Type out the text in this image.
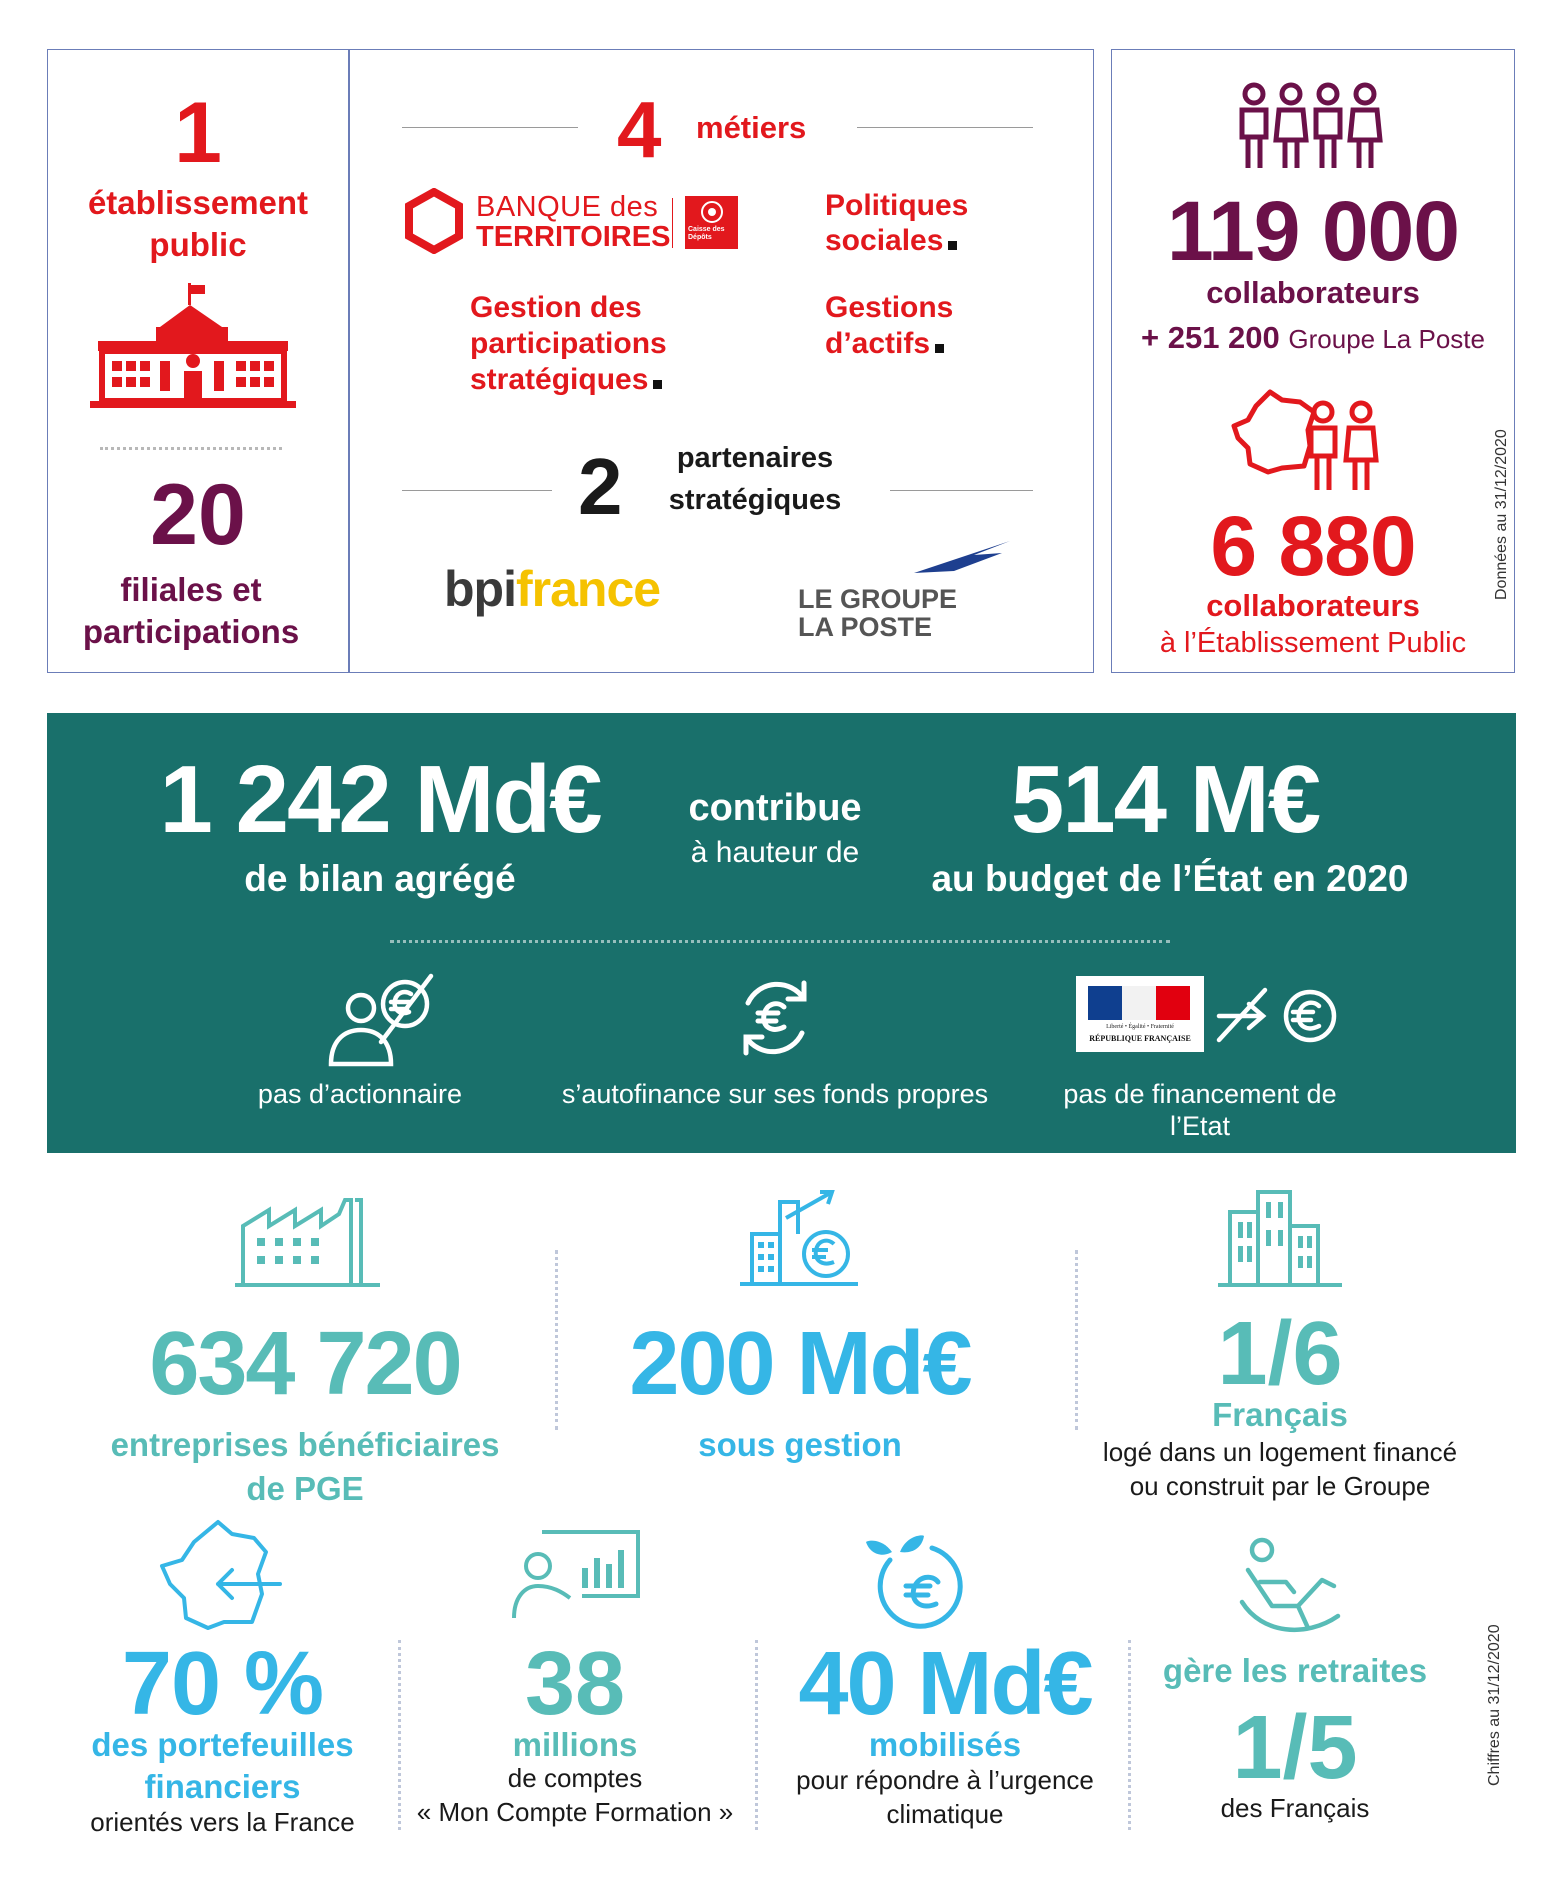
1
établissement
public
20
filiales et
participations
4 métiers
BANQUE des
TERRITOIRES	Caisse des Dépôts
Politiques
sociales
Gestion des
participations
stratégiques
Gestions
d’actifs
2	partenaires
stratégiques
bpifrance	LE GROUPE
LA POSTE
119 000
collaborateurs
+ 251 200 Groupe La Poste
6 880
collaborateurs
à l’Établissement Public
Données au 31/12/2020
1 242 Md€
de bilan agrégé
contribue
à hauteur de	514 M€
au budget de l’État en 2020
pas d’actionnaire	s’autofinance sur ses fonds propres
Liberté • Égalité • Fraternité
RÉPUBLIQUE FRANÇAISE
pas de financement de l’Etat
634 720
entreprises bénéficiaires
de PGE
200 Md€
sous gestion
1/6
Français
logé dans un logement financé
ou construit par le Groupe
70 %
des portefeuilles
financiers
orientés vers la France
38
millions
de comptes
« Mon Compte Formation »
40 Md€
mobilisés
pour répondre à l’urgence
climatique
gère les retraites
1/5
des Français
Chiffres au 31/12/2020
